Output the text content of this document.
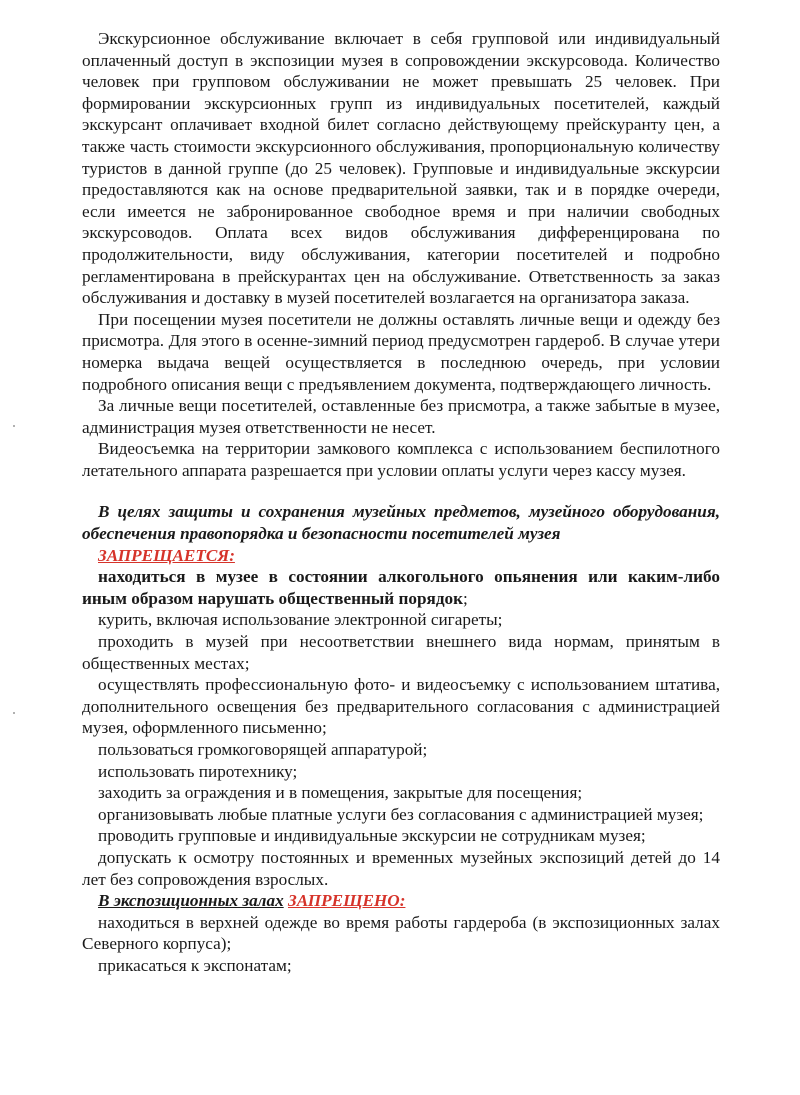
Экскурсионное обслуживание включает в себя групповой или индивидуальный оплаченный доступ в экспозиции музея в сопровождении экскурсовода. Количество человек при групповом обслуживании не может превышать 25 человек. При формировании экскурсионных групп из индивидуальных посетителей, каждый экскурсант оплачивает входной билет согласно действующему прейскуранту цен, а также часть стоимости экскурсионного обслуживания, пропорциональную количеству туристов в данной группе (до 25 человек). Групповые и индивидуальные экскурсии предоставляются как на основе предварительной заявки, так и в порядке очереди, если имеется не забронированное свободное время и при наличии свободных экскурсоводов. Оплата всех видов обслуживания дифференцирована по продолжительности, виду обслуживания, категории посетителей и подробно регламентирована в прейскурантах цен на обслуживание. Ответственность за заказ обслуживания и доставку в музей посетителей возлагается на организатора заказа.

При посещении музея посетители не должны оставлять личные вещи и одежду без присмотра. Для этого в осенне-зимний период предусмотрен гардероб. В случае утери номерка выдача вещей осуществляется в последнюю очередь, при условии подробного описания вещи с предъявлением документа, подтверждающего личность.

За личные вещи посетителей, оставленные без присмотра, а также забытые в музее, администрация музея ответственности не несет.

Видеосъемка на территории замкового комплекса с использованием беспилотного летательного аппарата разрешается при условии оплаты услуги через кассу музея.

В целях защиты и сохранения музейных предметов, музейного оборудования, обеспечения правопорядка и безопасности посетителей музея

ЗАПРЕЩАЕТСЯ:

находиться в музее в состоянии алкогольного опьянения или каким-либо иным образом нарушать общественный порядок;

курить, включая использование электронной сигареты;

проходить в музей при несоответствии внешнего вида нормам, принятым в общественных местах;

осуществлять профессиональную фото- и видеосъемку с использованием штатива, дополнительного освещения без предварительного согласования с администрацией музея, оформленного письменно;

пользоваться громкоговорящей аппаратурой;

использовать пиротехнику;

заходить за ограждения и в помещения, закрытые для посещения;

организовывать любые платные услуги без согласования с администрацией музея;

проводить групповые и индивидуальные экскурсии не сотрудникам музея;

допускать к осмотру постоянных и временных музейных экспозиций детей до 14 лет без сопровождения взрослых.

В экспозиционных залах ЗАПРЕЩЕНО:

находиться в верхней одежде во время работы гардероба (в экспозиционных залах Северного корпуса);

прикасаться к экспонатам;
